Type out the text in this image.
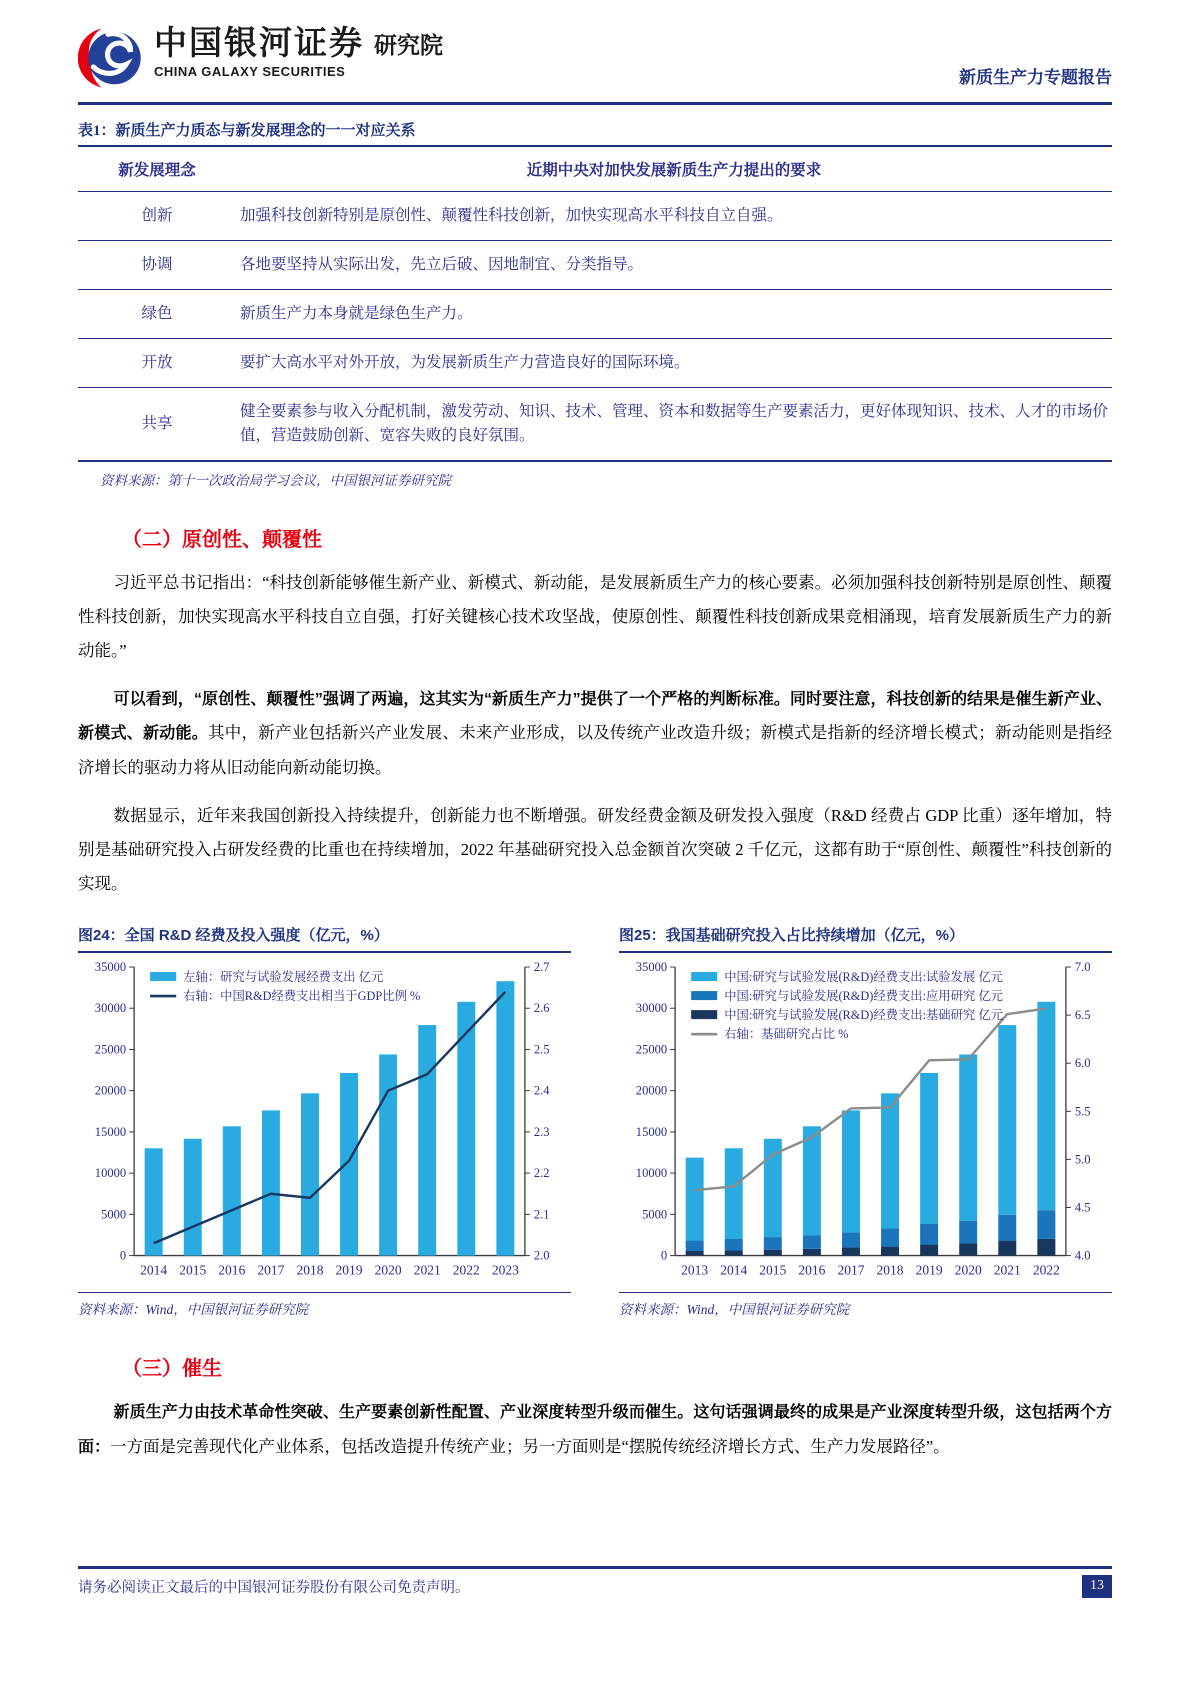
中国银河证券 研究院
CHINA GALAXY SECURITIES	新质生产力专题报告
表1：新质生产力质态与新发展理念的一一对应关系
新发展理念	近期中央对加快发展新质生产力提出的要求
创新	加强科技创新特别是原创性、颠覆性科技创新，加快实现高水平科技自立自强。
协调	各地要坚持从实际出发，先立后破、因地制宜、分类指导。
绿色	新质生产力本身就是绿色生产力。
开放	要扩大高水平对外开放，为发展新质生产力营造良好的国际环境。
共享	健全要素参与收入分配机制，激发劳动、知识、技术、管理、资本和数据等生产要素活力，更好体现知识、技术、人才的市场价值，营造鼓励创新、宽容失败的良好氛围。
资料来源：第十一次政治局学习会议，中国银河证券研究院
（二）原创性、颠覆性

习近平总书记指出：“科技创新能够催生新产业、新模式、新动能，是发展新质生产力的核心要素。必须加强科技创新特别是原创性、颠覆性科技创新，加快实现高水平科技自立自强，打好关键核心技术攻坚战，使原创性、颠覆性科技创新成果竞相涌现，培育发展新质生产力的新动能。”

可以看到，“原创性、颠覆性”强调了两遍，这其实为“新质生产力”提供了一个严格的判断标准。同时要注意，科技创新的结果是催生新产业、新模式、新动能。其中，新产业包括新兴产业发展、未来产业形成，以及传统产业改造升级；新模式是指新的经济增长模式；新动能则是指经济增长的驱动力将从旧动能向新动能切换。

数据显示，近年来我国创新投入持续提升，创新能力也不断增强。研发经费金额及研发投入强度（R&D 经费占 GDP 比重）逐年增加，特别是基础研究投入占研发经费的比重也在持续增加，2022 年基础研究投入总金额首次突破 2 千亿元，这都有助于“原创性、颠覆性”科技创新的实现。

图24：全国 R&D 经费及投入强度（亿元，%）
0
5000
10000
15000
20000
25000
30000
35000
2.0
2.1
2.2
2.3
2.4
2.5
2.6
2.7
2014 2015 2016 2017 2018 2019 2020 2021 2022 2023
左轴：研究与试验发展经费支出 亿元
右轴：中国R&D经费支出相当于GDP比例 %
资料来源：Wind，中国银河证券研究院
图25：我国基础研究投入占比持续增加（亿元，%）
0
5000
10000
15000
20000
25000
30000
35000
4.0
4.5
5.0
5.5
6.0
6.5
7.0
2013 2014 2015 2016 2017 2018 2019 2020 2021 2022
中国:研究与试验发展(R&D)经费支出:试验发展 亿元
中国:研究与试验发展(R&D)经费支出:应用研究 亿元
中国:研究与试验发展(R&D)经费支出:基础研究 亿元
右轴：基础研究占比 %
资料来源：Wind，中国银河证券研究院
（三）催生

新质生产力由技术革命性突破、生产要素创新性配置、产业深度转型升级而催生。这句话强调最终的成果是产业深度转型升级，这包括两个方面：一方面是完善现代化产业体系，包括改造提升传统产业；另一方面则是“摆脱传统经济增长方式、生产力发展路径”。

请务必阅读正文最后的中国银河证券股份有限公司免责声明。	13
